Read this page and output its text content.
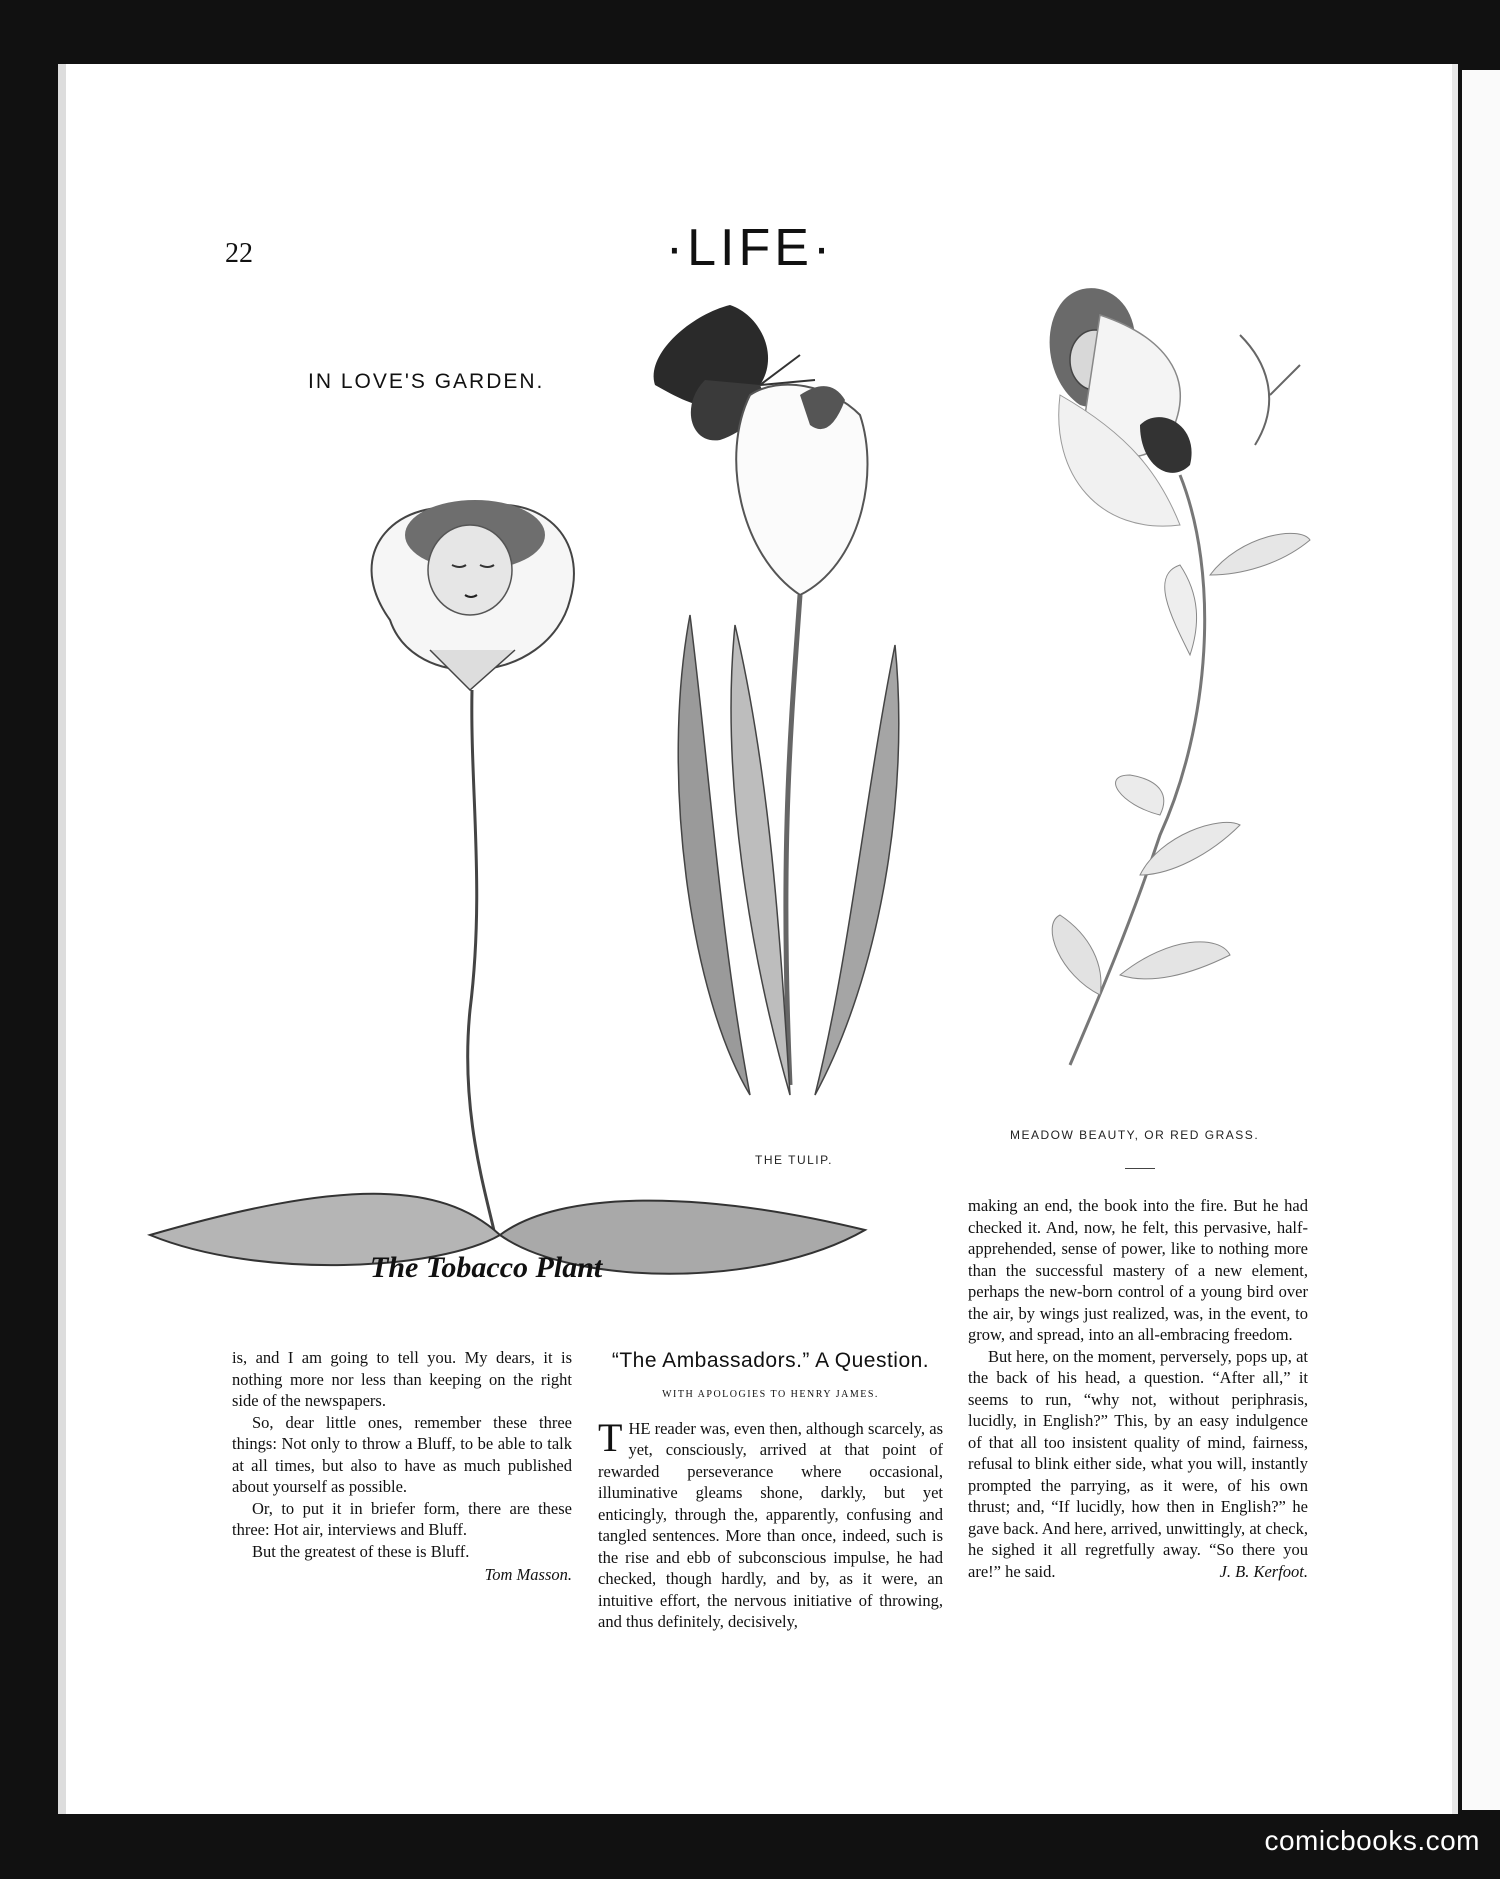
22	·LIFE·
IN LOVE'S GARDEN.
The Tobacco Plant
THE TULIP.
MEADOW BEAUTY, OR RED GRASS.

is, and I am going to tell you. My dears, it is nothing more nor less than keeping on the right side of the newspapers.

So, dear little ones, remember these three things: Not only to throw a Bluff, to be able to talk at all times, but also to have as much published about yourself as possible.

Or, to put it in briefer form, there are these three: Hot air, interviews and Bluff.

But the greatest of these is Bluff.

Tom Masson.
“The Ambassadors.” A Question.
WITH APOLOGIES TO HENRY JAMES.

THE reader was, even then, although scarcely, as yet, consciously, arrived at that point of rewarded perseverance where occasional, illuminative gleams shone, darkly, but yet enticingly, through the, apparently, confusing and tangled sentences. More than once, indeed, such is the rise and ebb of subconscious impulse, he had checked, though hardly, and by, as it were, an intuitive effort, the nervous initiative of throwing, and thus definitely, decisively,

making an end, the book into the fire. But he had checked it. And, now, he felt, this pervasive, half-apprehended, sense of power, like to nothing more than the successful mastery of a new element, perhaps the new-born control of a young bird over the air, by wings just realized, was, in the event, to grow, and spread, into an all-embracing freedom.

But here, on the moment, perversely, pops up, at the back of his head, a question. “After all,” it seems to run, “why not, without periphrasis, lucidly, in English?” This, by an easy indulgence of that all too insistent quality of mind, fairness, refusal to blink either side, what you will, instantly prompted the parrying, as it were, of his own thrust; and, “If lucidly, how then in English?” he gave back. And here, arrived, unwittingly, at check, he sighed it all regretfully away. “So there you are!” he said.	J. B. Kerfoot.
comicbooks.com
